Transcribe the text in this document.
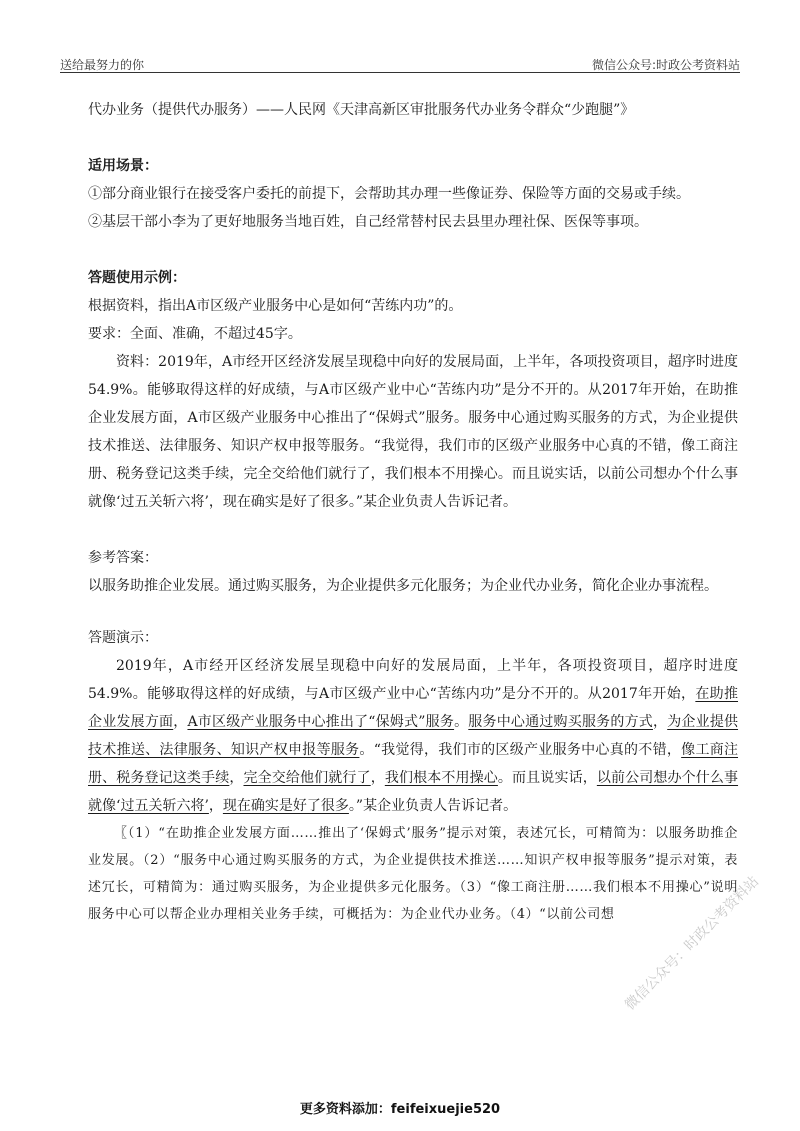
送给最努力的你	微信公众号:时政公考资料站
代办业务（提供代办服务）——人民网《天津高新区审批服务代办业务令群众“少跑腿”》
适用场景：
①部分商业银行在接受客户委托的前提下，会帮助其办理一些像证券、保险等方面的交易或手续。
②基层干部小李为了更好地服务当地百姓，自己经常替村民去县里办理社保、医保等事项。
答题使用示例：
根据资料，指出A市区级产业服务中心是如何“苦练内功”的。
要求：全面、准确，不超过45字。
资料：2019年，A市经开区经济发展呈现稳中向好的发展局面，上半年，各项投资项目，超序时进度54.9%。能够取得这样的好成绩，与A市区级产业中心“苦练内功”是分不开的。从2017年开始，在助推企业发展方面，A市区级产业服务中心推出了“保姆式”服务。服务中心通过购买服务的方式，为企业提供技术推送、法律服务、知识产权申报等服务。“我觉得，我们市的区级产业服务中心真的不错，像工商注册、税务登记这类手续，完全交给他们就行了，我们根本不用操心。而且说实话，以前公司想办个什么事就像‘过五关斩六将’，现在确实是好了很多。”某企业负责人告诉记者。
参考答案：
以服务助推企业发展。通过购买服务，为企业提供多元化服务；为企业代办业务，简化企业办事流程。
答题演示：
2019年，A市经开区经济发展呈现稳中向好的发展局面，上半年，各项投资项目，超序时进度54.9%。能够取得这样的好成绩，与A市区级产业中心“苦练内功”是分不开的。从2017年开始，在助推企业发展方面，A市区级产业服务中心推出了“保姆式”服务。服务中心通过购买服务的方式，为企业提供技术推送、法律服务、知识产权申报等服务。“我觉得，我们市的区级产业服务中心真的不错，像工商注册、税务登记这类手续，完全交给他们就行了，我们根本不用操心。而且说实话，以前公司想办个什么事就像‘过五关斩六将’，现在确实是好了很多。”某企业负责人告诉记者。
〖（1）“在助推企业发展方面……推出了‘保姆式’服务”提示对策，表述冗长，可精简为：以服务助推企业发展。（2）“服务中心通过购买服务的方式，为企业提供技术推送……知识产权申报等服务”提示对策，表述冗长，可精简为：通过购买服务，为企业提供多元化服务。（3）“像工商注册……我们根本不用操心”说明服务中心可以帮企业办理相关业务手续，可概括为：为企业代办业务。（4）“以前公司想 微信公众号：时政公考资料站
更多资料添加：feifeixuejie520
